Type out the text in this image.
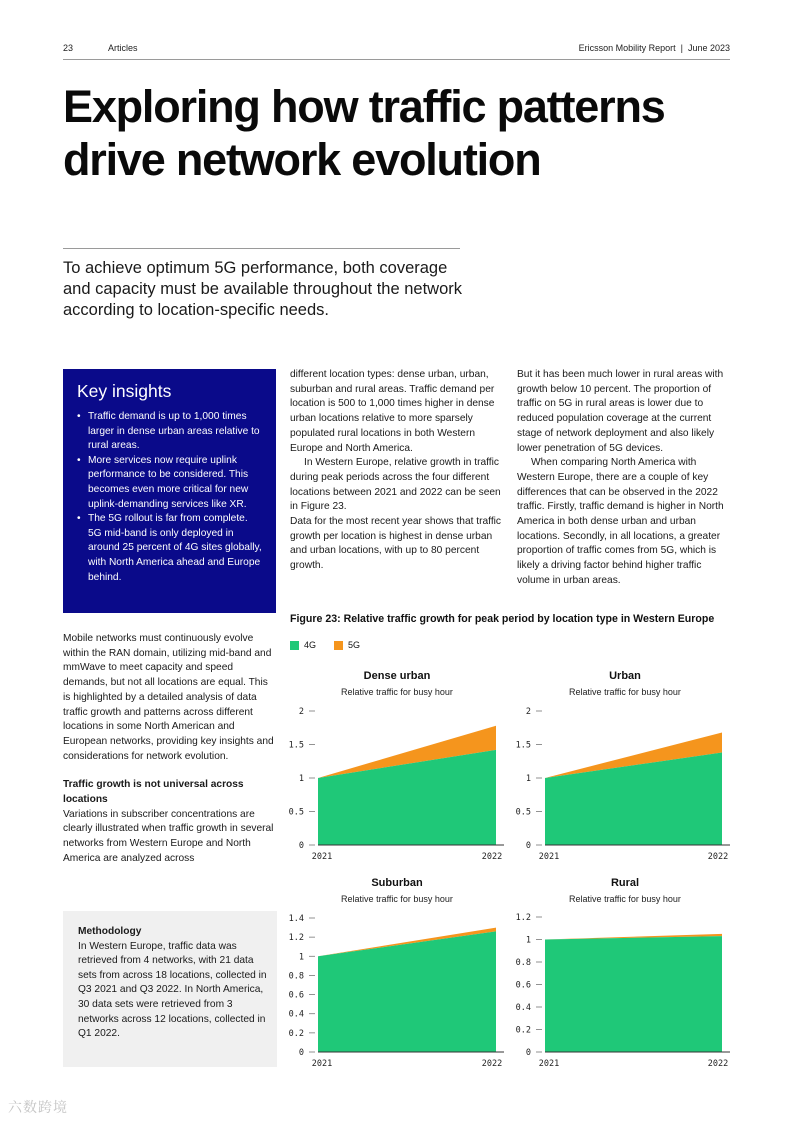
23	Articles	Ericsson Mobility Report  |  June 2023
Exploring how traffic patterns
drive network evolution

To achieve optimum 5G performance, both coverage and capacity must be available throughout the network according to location-specific needs.

Key insights
• Traffic demand is up to 1,000 times larger in dense urban areas relative to rural areas.
• More services now require uplink performance to be considered. This becomes even more critical for new uplink-demanding services like XR.
• The 5G rollout is far from complete. 5G mid-band is only deployed in around 25 percent of 4G sites globally, with North America ahead and Europe behind.

Mobile networks must continuously evolve within the RAN domain, utilizing mid-band and mmWave to meet capacity and speed demands, but not all locations are equal. This is highlighted by a detailed analysis of data traffic growth and patterns across different locations in some North American and European networks, providing key insights and considerations for network evolution.

Traffic growth is not universal across locations

Variations in subscriber concentrations are clearly illustrated when traffic growth in several networks from Western Europe and North America are analyzed across

Methodology

In Western Europe, traffic data was retrieved from 4 networks, with 21 data sets from across 18 locations, collected in Q3 2021 and Q3 2022. In North America, 30 data sets were retrieved from 3 networks across 12 locations, collected in Q1 2022.

different location types: dense urban, urban, suburban and rural areas. Traffic demand per location is 500 to 1,000 times higher in dense urban locations relative to more sparsely populated rural locations in both Western Europe and North America.

In Western Europe, relative growth in traffic during peak periods across the four different locations between 2021 and 2022 can be seen in Figure 23.

Data for the most recent year shows that traffic growth per location is highest in dense urban and urban locations, with up to 80 percent growth.

But it has been much lower in rural areas with growth below 10 percent. The proportion of traffic on 5G in rural areas is lower due to reduced population coverage at the current stage of network deployment and also likely lower penetration of 5G devices.

When comparing North America with Western Europe, there are a couple of key differences that can be observed in the 2022 traffic. Firstly, traffic demand is higher in North America in both dense urban and urban locations. Secondly, in all locations, a greater proportion of traffic comes from 5G, which is likely a driving factor behind higher traffic volume in urban areas.

Figure 23: Relative traffic growth for peak period by location type in Western Europe
4G	5G
Dense urban
Relative traffic for busy hour
0
0.5
1
1.5
2
2021	2022
Urban
Relative traffic for busy hour
0
0.5
1
1.5
2
2021	2022
Suburban
Relative traffic for busy hour
0
0.2
0.4
0.6
0.8
1
1.2
1.4
2021	2022
Rural
Relative traffic for busy hour
0
0.2
0.4
0.6
0.8
1
1.2
2021	2022
六数跨境
